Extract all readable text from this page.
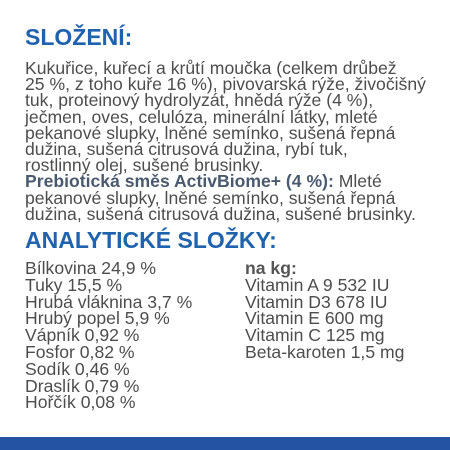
SLOŽENÍ:
Kukuřice, kuřecí a krůtí moučka (celkem drůbež
25 %, z toho kuře 16 %), pivovarská rýže, živočišný
tuk, proteinový hydrolyzát, hnědá rýže (4 %),
ječmen, oves, celulóza, minerální látky, mleté
pekanové slupky, lněné semínko, sušená řepná
dužina, sušená citrusová dužina, rybí tuk,
rostlinný olej, sušené brusinky.
Prebiotická směs ActivBiome+ (4 %): Mleté
pekanové slupky, lněné semínko, sušená řepná
dužina, sušená citrusová dužina, sušené brusinky.
ANALYTICKÉ SLOŽKY:
Bílkovina 24,9 %
Tuky 15,5 %
Hrubá vláknina 3,7 %
Hrubý popel 5,9 %
Vápník 0,92 %
Fosfor 0,82 %
Sodík 0,46 %
Draslík 0,79 %
Hořčík 0,08 %
na kg:
Vitamin A 9 532 IU
Vitamin D3 678 IU
Vitamin E 600 mg
Vitamin C 125 mg
Beta-karoten 1,5 mg
